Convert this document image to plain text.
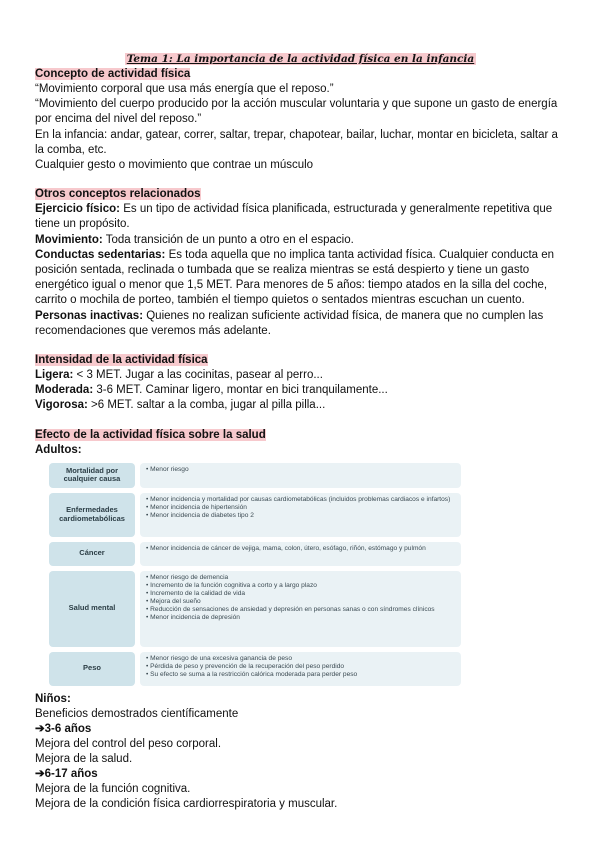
Tema 1: La importancia de la actividad física en la infancia

Concepto de actividad física

“Movimiento corporal que usa más energía que el reposo.”

“Movimiento del cuerpo producido por la acción muscular voluntaria y que supone un gasto de energía por encima del nivel del reposo.”

En la infancia: andar, gatear, correr, saltar, trepar, chapotear, bailar, luchar, montar en bicicleta, saltar a la comba, etc.

Cualquier gesto o movimiento que contrae un músculo

Otros conceptos relacionados

Ejercicio físico: Es un tipo de actividad física planificada, estructurada y generalmente repetitiva que tiene un propósito.

Movimiento: Toda transición de un punto a otro en el espacio.

Conductas sedentarias: Es toda aquella que no implica tanta actividad física. Cualquier conducta en posición sentada, reclinada o tumbada que se realiza mientras se está despierto y tiene un gasto energético igual o menor que 1,5 MET. Para menores de 5 años: tiempo atados en la silla del coche, carrito o mochila de porteo, también el tiempo quietos o sentados mientras escuchan un cuento.

Personas inactivas: Quienes no realizan suficiente actividad física, de manera que no cumplen las recomendaciones que veremos más adelante.

Intensidad de la actividad física

Ligera: < 3 MET. Jugar a las cocinitas, pasear al perro...

Moderada: 3-6 MET. Caminar ligero, montar en bici tranquilamente...

Vigorosa: >6 MET. saltar a la comba, jugar al pilla pilla...

Efecto de la actividad física sobre la salud

Adultos:

Mortalidad por cualquier causa
• Menor riesgo
Enfermedades cardiometabólicas
• Menor incidencia y mortalidad por causas cardiometabólicas (incluidos problemas cardiacos e infartos)
• Menor incidencia de hipertensión
• Menor incidencia de diabetes tipo 2
Cáncer
• Menor incidencia de cáncer de vejiga, mama, colon, útero, esófago, riñón, estómago y pulmón
Salud mental
• Menor riesgo de demencia
• Incremento de la función cognitiva a corto y a largo plazo
• Incremento de la calidad de vida
• Mejora del sueño
• Reducción de sensaciones de ansiedad y depresión en personas sanas o con síndromes clínicos
• Menor incidencia de depresión
Peso
• Menor riesgo de una excesiva ganancia de peso
• Pérdida de peso y prevención de la recuperación del peso perdido
• Su efecto se suma a la restricción calórica moderada para perder peso

Niños:

Beneficios demostrados científicamente

➔3-6 años

Mejora del control del peso corporal.

Mejora de la salud.

➔6-17 años

Mejora de la función cognitiva.

Mejora de la condición física cardiorrespiratoria y muscular.
